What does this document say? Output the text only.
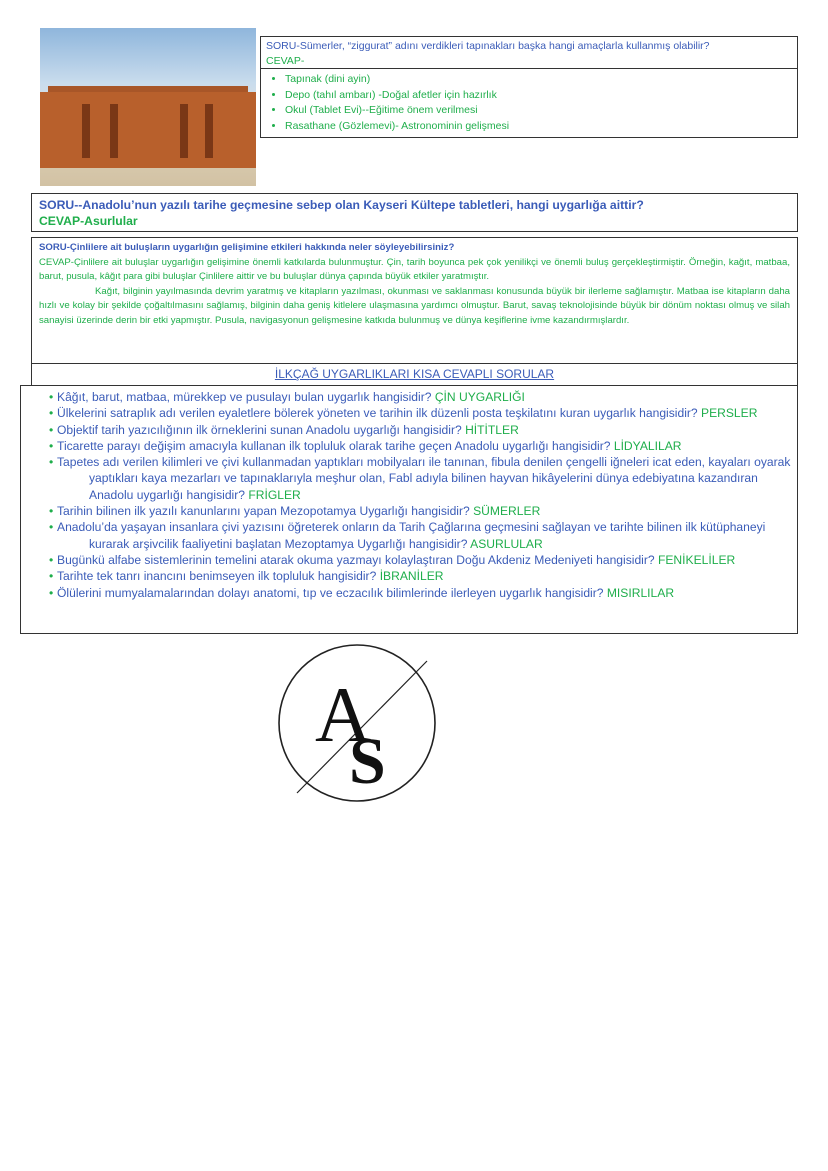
SORU-Sümerler, “ziggurat” adını verdikleri tapınakları başka hangi amaçlarla kullanmış olabilir?
CEVAP-
• Tapınak (dini ayin)
• Depo (tahıl ambarı) -Doğal afetler için hazırlık
• Okul (Tablet Evi)--Eğitime önem verilmesi
• Rasathane (Gözlemevi)- Astronominin gelişmesi
SORU--Anadolu’nun yazılı tarihe geçmesine sebep olan Kayseri Kültepe tabletleri, hangi uygarlığa aittir?
CEVAP-Asurlular
SORU-Çinlilere ait buluşların uygarlığın gelişimine etkileri hakkında neler söyleyebilirsiniz?
CEVAP-Çinlilere ait buluşlar uygarlığın gelişimine önemli katkılarda bulunmuştur. Çin, tarih boyunca pek çok yenilikçi ve önemli buluş gerçekleştirmiştir. Örneğin, kağıt, matbaa, barut, pusula, kâğıt para gibi buluşlar Çinlilere aittir ve bu buluşlar dünya çapında büyük etkiler yaratmıştır.
Kağıt, bilginin yayılmasında devrim yaratmış ve kitapların yazılması, okunması ve saklanması konusunda büyük bir ilerleme sağlamıştır. Matbaa ise kitapların daha hızlı ve kolay bir şekilde çoğaltılmasını sağlamış, bilginin daha geniş kitlelere ulaşmasına yardımcı olmuştur. Barut, savaş teknolojisinde büyük bir dönüm noktası olmuş ve silah sanayisi üzerinde derin bir etki yapmıştır. Pusula, navigasyonun gelişmesine katkıda bulunmuş ve dünya keşiflerine ivme kazandırmışlardır.
İLKÇAĞ UYGARLIKLARI KISA CEVAPLI SORULAR
• Kâğıt, barut, matbaa, mürekkep ve pusulayı bulan uygarlık hangisidir? ÇİN UYGARLIĞI
• Ülkelerini satraplık adı verilen eyaletlere bölerek yöneten ve tarihin ilk düzenli posta teşkilatını kuran uygarlık hangisidir? PERSLER
• Objektif tarih yazıcılığının ilk örneklerini sunan Anadolu uygarlığı hangisidir? HİTİTLER
• Ticarette parayı değişim amacıyla kullanan ilk topluluk olarak tarihe geçen Anadolu uygarlığı hangisidir? LİDYALILAR
• Tapetes adı verilen kilimleri ve çivi kullanmadan yaptıkları mobilyaları ile tanınan, fibula denilen çengelli iğneleri icat eden, kayaları oyarak yaptıkları kaya mezarları ve tapınaklarıyla meşhur olan, Fabl adıyla bilinen hayvan hikâyelerini dünya edebiyatına kazandıran Anadolu uygarlığı hangisidir? FRİGLER
• Tarihin bilinen ilk yazılı kanunlarını yapan Mezopotamya Uygarlığı hangisidir? SÜMERLER
• Anadolu’da yaşayan insanlara çivi yazısını öğreterek onların da Tarih Çağlarına geçmesini sağlayan ve tarihte bilinen ilk kütüphaneyi kurarak arşivcilik faaliyetini başlatan Mezoptamya Uygarlığı hangisidir? ASURLULAR
• Bugünkü alfabe sistemlerinin temelini atarak okuma yazmayı kolaylaştıran Doğu Akdeniz Medeniyeti hangisidir? FENİKELİLER
• Tarihte tek tanrı inancını benimseyen ilk topluluk hangisidir? İBRANİLER
• Ölülerini mumyalamalarından dolayı anatomi, tıp ve eczacılık bilimlerinde ilerleyen uygarlık hangisidir? MISIRLILAR
A
S
